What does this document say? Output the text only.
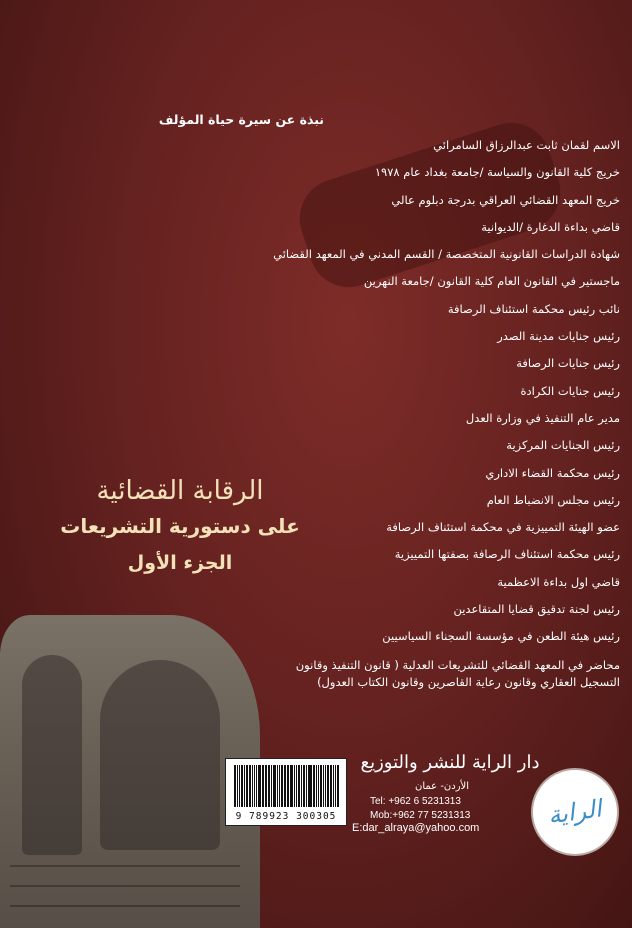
نبذة عن سيرة حياة المؤلف
الاسم لقمان ثابت عبدالرزاق السامرائي
خريج كلية القانون والسياسة /جامعة بغداد عام ١٩٧٨
خريج المعهد القضائي العراقي بدرجة دبلوم عالي
قاضي بداءة الدغارة /الديوانية
شهادة الدراسات القانونية المتخصصة / القسم المدني في المعهد القضائي
ماجستير في القانون العام كلية القانون /جامعة النهرين
نائب رئيس محكمة استئناف الرصافة
رئيس جنايات مدينة الصدر
رئيس جنايات الرصافة
رئيس جنايات الكرادة
مدير عام التنفيذ في وزارة العدل
رئيس الجنايات المركزية
رئيس محكمة القضاء الاداري
رئيس مجلس الانضباط العام
عضو الهيئة التمييزية في محكمة استئناف الرصافة
رئيس محكمة استئناف الرصافة بصفتها التمييزية
قاضي اول بداءة الاعظمية
رئيس لجنة تدقيق قضايا المتقاعدين
رئيس هيئة الطعن في مؤسسة السجناء السياسيين
محاضر في المعهد القضائي للتشريعات العدلية ( قانون التنفيذ وقانون التسجيل العقاري وقانون رعاية القاصرين وقانون الكتاب العدول)
الرقابة القضائية
على دستورية التشريعات
الجزء الأول
9 789923 300305
دار الراية للنشر والتوزيع
الأردن- عمان
Tel: +962 6 5231313
Mob:+962 77 5231313
E:dar_alraya@yahoo.com	الراية
